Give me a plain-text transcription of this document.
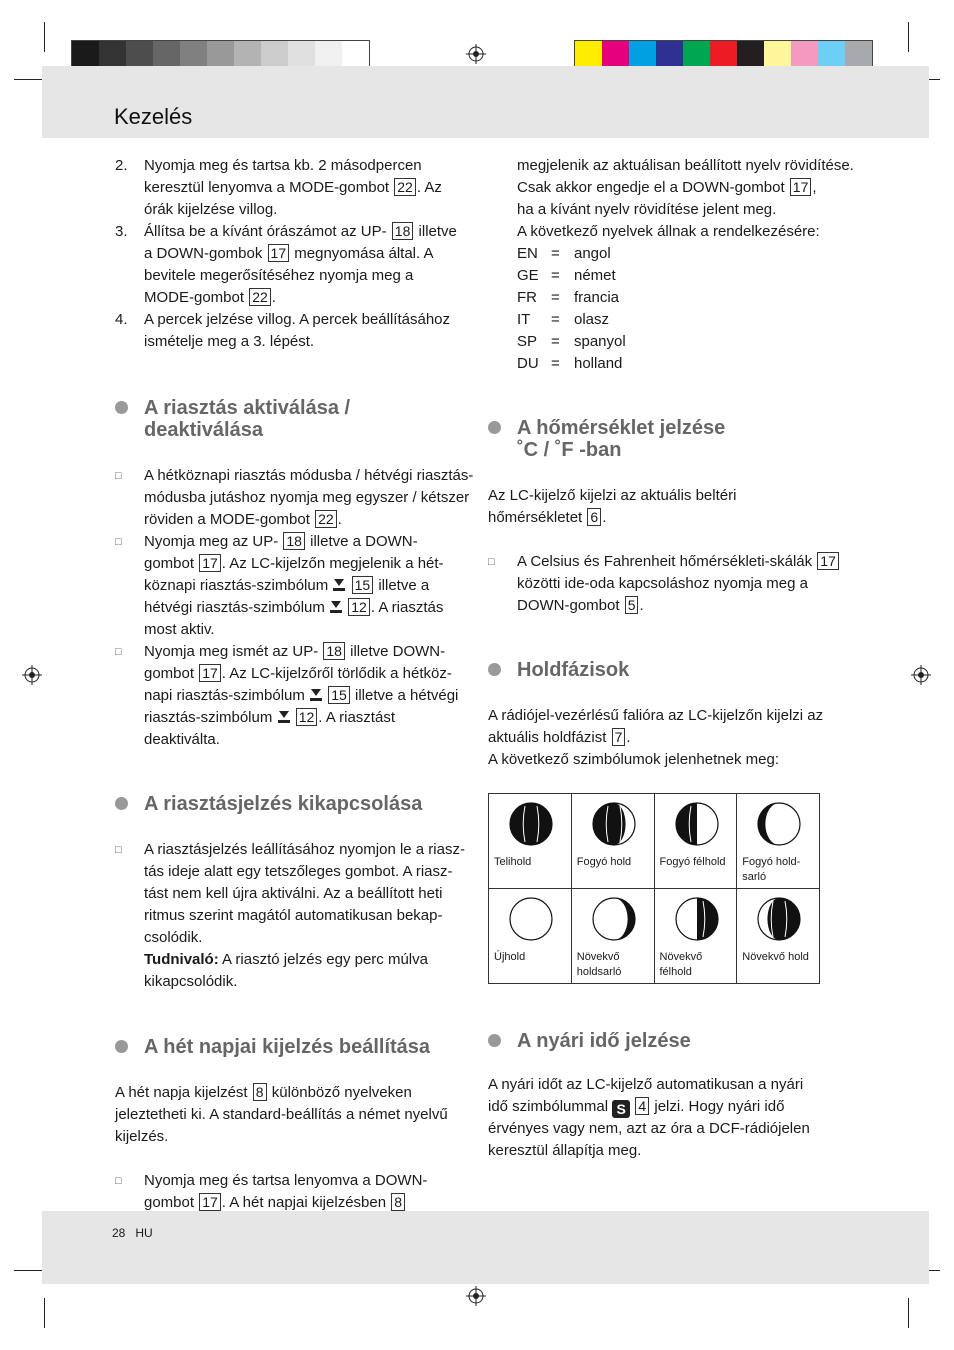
Kezelés
2.	Nyomja meg és tartsa kb. 2 másodpercen

keresztül lenyomva a MODE-gombot 22 . Az

órák kijelzése villog.

3.	Állítsa be a kívánt órászámot az UP- 18 illetve

a DOWN-gombok 17 megnyomása által. A

bevitele megerősítéséhez nyomja meg a

MODE-gombot 22 .

4.	A percek jelzése villog. A percek beállításához

ismételje meg a 3. lépést.

A riasztás aktiválása /
deaktiválása
□	A hétköznapi riasztás módusba / hétvégi riasztás-

módusba jutáshoz nyomja meg egyszer / kétszer

röviden a MODE-gombot 22 .

□	Nyomja meg az UP- 18 illetve a DOWN-

gombot 17 . Az LC-kijelzőn megjelenik a hét-

köznapi riasztás-szimbólum  15 illetve a

hétvégi riasztás-szimbólum  12 . A riasztás

most aktiv.

□	Nyomja meg ismét az UP- 18 illetve DOWN-

gombot 17 . Az LC-kijelzőről törlődik a hétköz-

napi riasztás-szimbólum  15 illetve a hétvégi

riasztás-szimbólum  12 . A riasztást deaktiválta.

A riasztásjelzés kikapcsolása
□	A riasztásjelzés leállításához nyomjon le a riasz-

tás ideje alatt egy tetszőleges gombot. A riasz-

tást nem kell újra aktiválni. Az a beállított heti

ritmus szerint magától automatikusan bekap-

csolódik.

Tudnivaló: A riasztó jelzés egy perc múlva

kikapcsolódik.

A hét napjai kijelzés beállítása

A hét napja kijelzést 8 különböző nyelveken

jeleztetheti ki. A standard-beállítás a német nyelvű

kijelzés.

□	Nyomja meg és tartsa lenyomva a DOWN-

gombot 17 . A hét napjai kijelzésben 8

megjelenik az aktuálisan beállított nyelv rövidítése.

Csak akkor engedje el a DOWN-gombot 17 ,

ha a kívánt nyelv rövidítése jelent meg.

A következő nyelvek állnak a rendelkezésére:

EN = angol
GE = német
FR = francia
IT	= olasz
SP = spanyol
DU = holland
A hőmérséklet jelzése
˚C / ˚F -ban

Az LC-kijelző kijelzi az aktuális beltéri

hőmérsékletet 6 .

□	A Celsius és Fahrenheit hőmérsékleti-skálák 17

közötti ide-oda kapcsoláshoz nyomja meg a

DOWN-gombot 5 .

Holdfázisok

A rádiójel-vezérlésű falióra az LC-kijelzőn kijelzi az

aktuális holdfázist 7 .

A következő szimbólumok jelenhetnek meg:

Telihold	Fogyó hold	Fogyó félhold	Fogyó hold-sarló

Újhold	Növekvő holdsarló	Növekvő félhold	Növekvő hold
A nyári idő jelzése

A nyári időt az LC-kijelző automatikusan a nyári

idő szimbólummal S 4 jelzi. Hogy nyári idő

érvényes vagy nem, azt az óra a DCF-rádiójelen

keresztül állapítja meg.

28 HU
